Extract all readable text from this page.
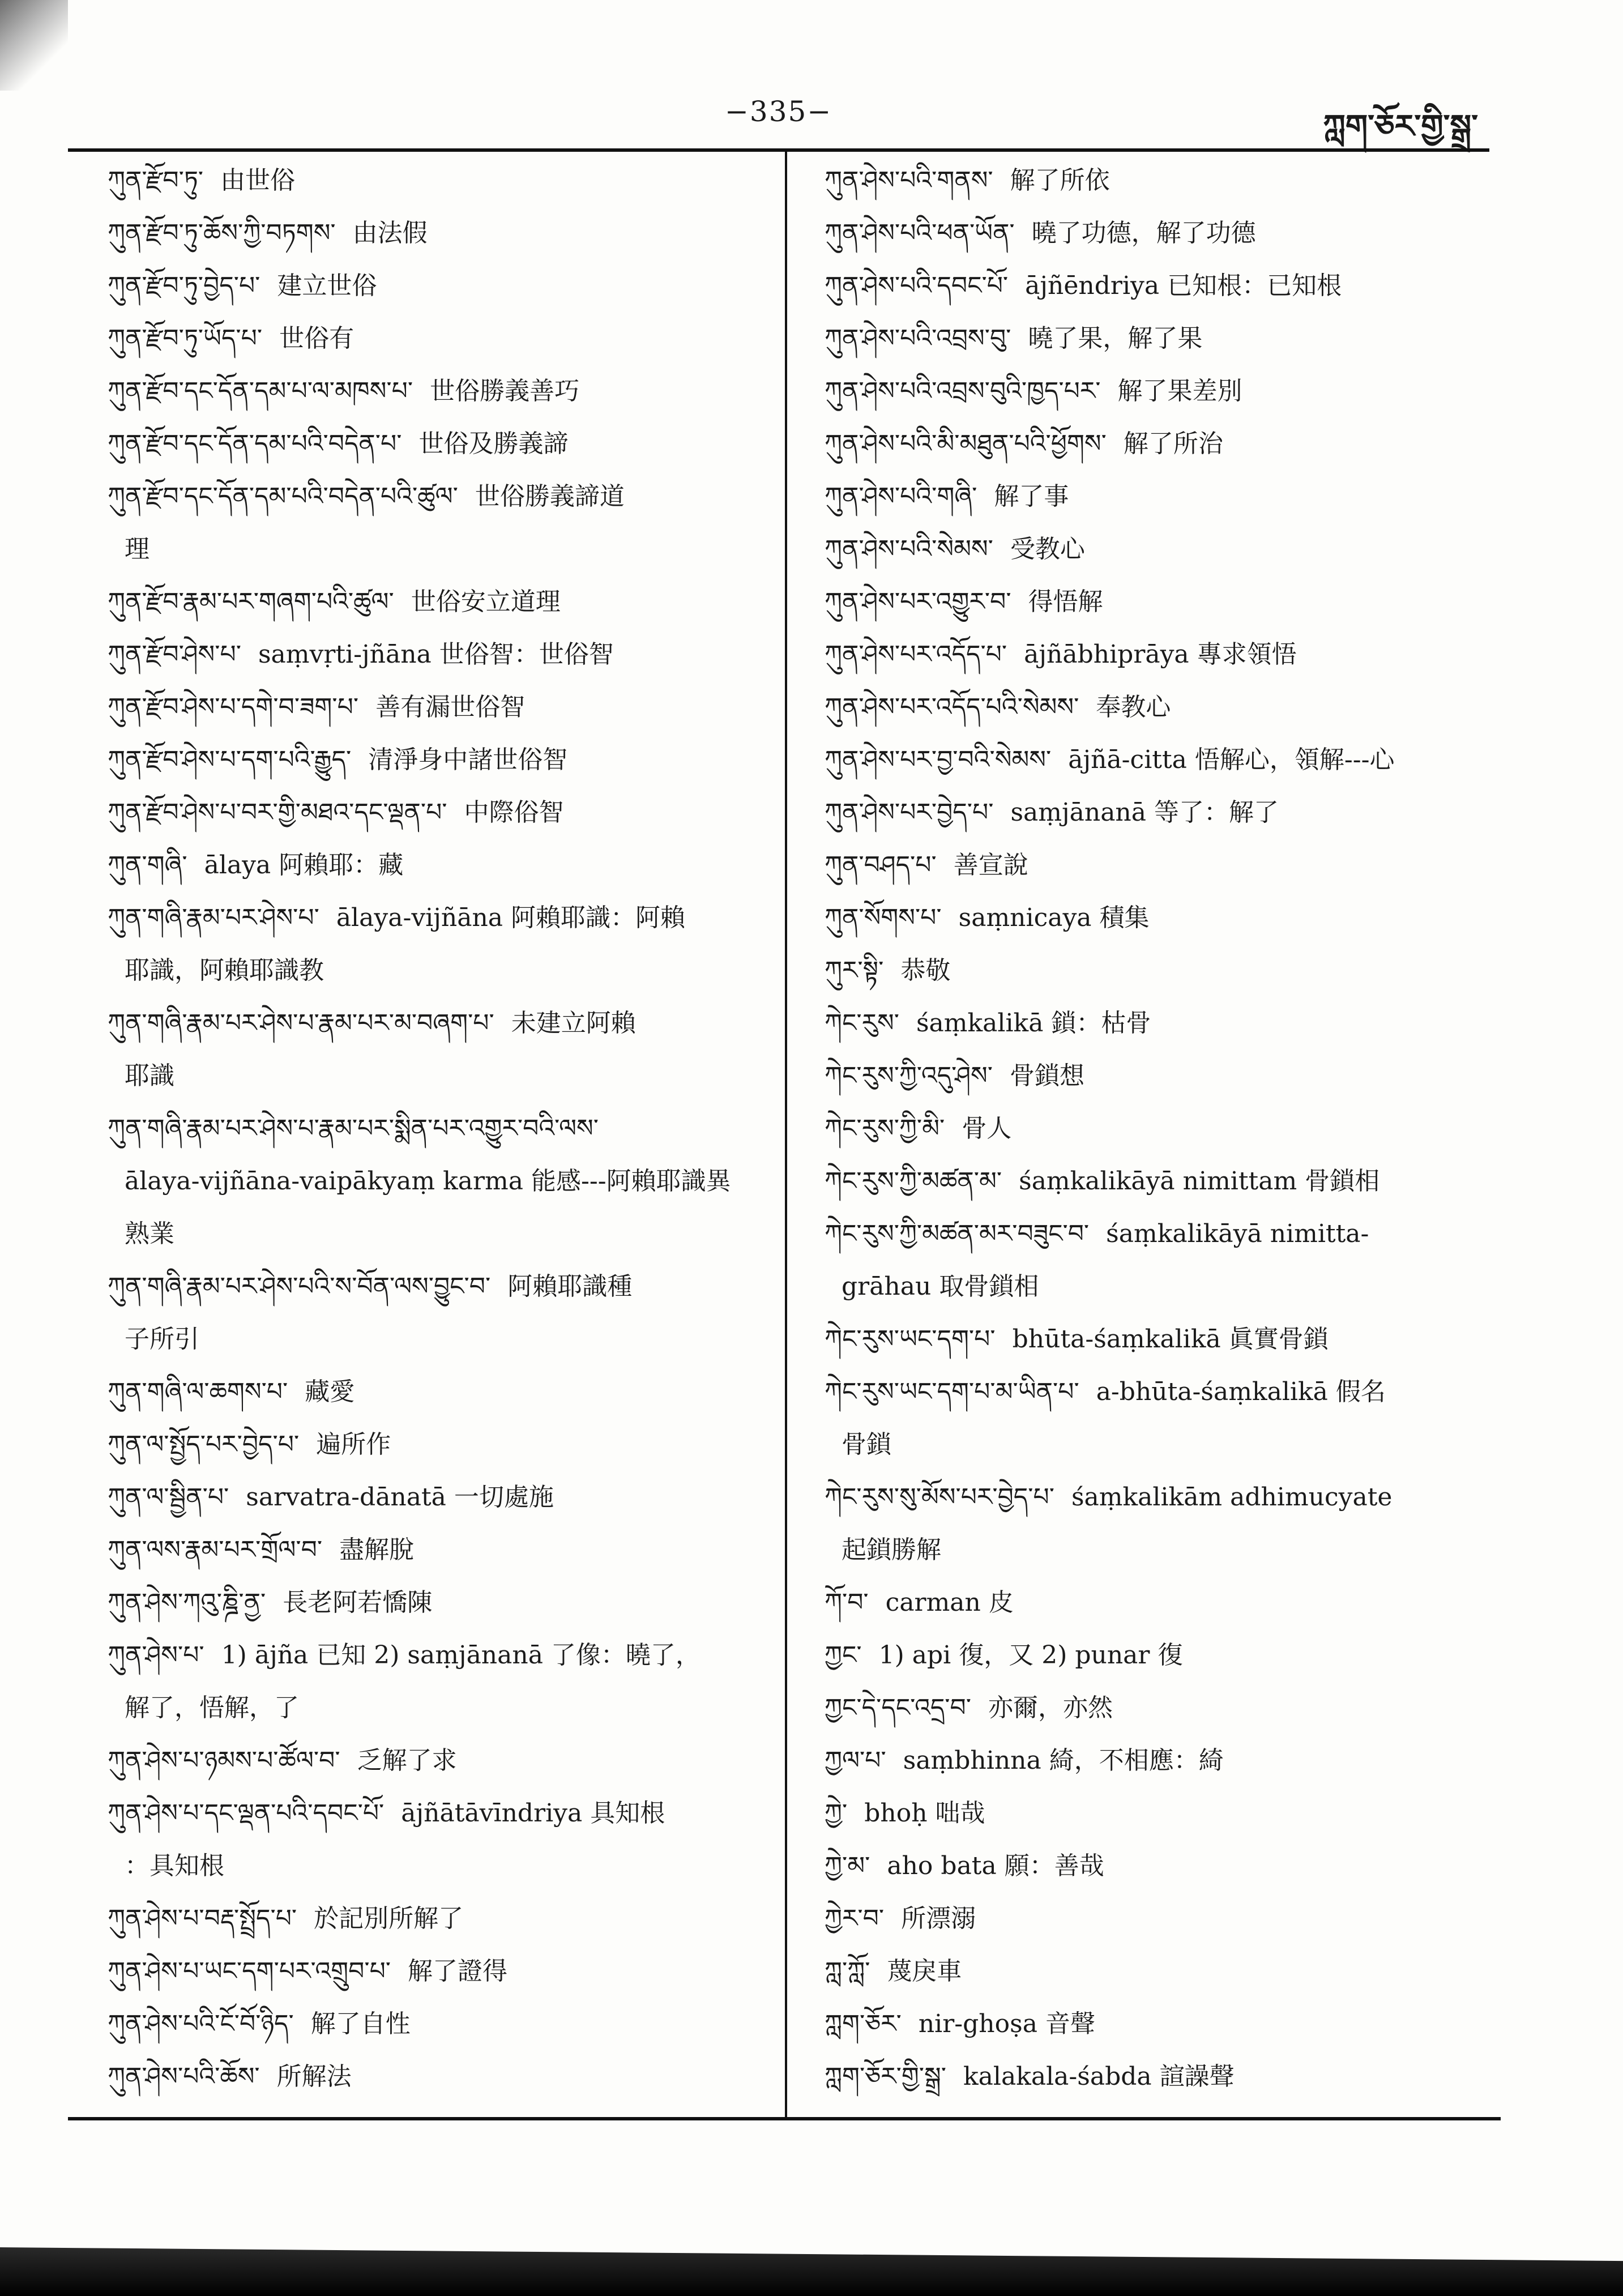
−335−	ཀླག་ཅོར་གྱི་སྒྲ་
ཀུན་རྫོབ་ཏུ་ 由世俗
ཀུན་རྫོབ་ཏུ་ཆོས་ཀྱི་བཏགས་ 由法假
ཀུན་རྫོབ་ཏུ་བྱེད་པ་ 建立世俗
ཀུན་རྫོབ་ཏུ་ཡོད་པ་ 世俗有
ཀུན་རྫོབ་དང་དོན་དམ་པ་ལ་མཁས་པ་ 世俗勝義善巧
ཀུན་རྫོབ་དང་དོན་དམ་པའི་བདེན་པ་ 世俗及勝義諦
ཀུན་རྫོབ་དང་དོན་དམ་པའི་བདེན་པའི་ཚུལ་ 世俗勝義諦道
理
ཀུན་རྫོབ་རྣམ་པར་གཞག་པའི་ཚུལ་ 世俗安立道理
ཀུན་རྫོབ་ཤེས་པ་ saṃvṛti-jñāna 世俗智：世俗智
ཀུན་རྫོབ་ཤེས་པ་དགེ་བ་ཟག་པ་ 善有漏世俗智
ཀུན་རྫོབ་ཤེས་པ་དག་པའི་རྒྱུད་ 清淨身中諸世俗智
ཀུན་རྫོབ་ཤེས་པ་བར་གྱི་མཐའ་དང་ལྡན་པ་ 中際俗智
ཀུན་གཞི་ ālaya 阿賴耶：藏
ཀུན་གཞི་རྣམ་པར་ཤེས་པ་ ālaya-vijñāna 阿賴耶識：阿賴
耶識，阿賴耶識教
ཀུན་གཞི་རྣམ་པར་ཤེས་པ་རྣམ་པར་མ་བཞག་པ་ 未建立阿賴
耶識
ཀུན་གཞི་རྣམ་པར་ཤེས་པ་རྣམ་པར་སྨིན་པར་འགྱུར་བའི་ལས་
ālaya-vijñāna-vaipākyaṃ karma 能感---阿賴耶識異
熟業
ཀུན་གཞི་རྣམ་པར་ཤེས་པའི་ས་བོན་ལས་བྱུང་བ་ 阿賴耶識種
子所引
ཀུན་གཞི་ལ་ཆགས་པ་ 藏愛
ཀུན་ལ་སྤྱོད་པར་བྱེད་པ་ 遍所作
ཀུན་ལ་སྦྱིན་པ་ sarvatra-dānatā 一切處施
ཀུན་ལས་རྣམ་པར་གྲོལ་བ་ 盡解脫
ཀུན་ཤེས་ཀའུ་ཎྜི་ནྱ་ 長老阿若憍陳
ཀུན་ཤེས་པ་ 1) ājña 已知 2) saṃjānanā 了像：曉了，
解了，悟解，了
ཀུན་ཤེས་པ་ཉམས་པ་ཚོལ་བ་ 乏解了求
ཀུན་ཤེས་པ་དང་ལྡན་པའི་དབང་པོ་ ājñātāvīndriya 具知根
：具知根
ཀུན་ཤེས་པ་བརྡ་སྤྲོད་པ་ 於記別所解了
ཀུན་ཤེས་པ་ཡང་དག་པར་འགྲུབ་པ་ 解了證得
ཀུན་ཤེས་པའི་ངོ་བོ་ཉིད་ 解了自性
ཀུན་ཤེས་པའི་ཆོས་ 所解法
ཀུན་ཤེས་པའི་གནས་ 解了所依
ཀུན་ཤེས་པའི་ཕན་ཡོན་ 曉了功德，解了功德
ཀུན་ཤེས་པའི་དབང་པོ་ ājñēndriya 已知根：已知根
ཀུན་ཤེས་པའི་འབྲས་བུ་ 曉了果，解了果
ཀུན་ཤེས་པའི་འབྲས་བུའི་ཁྱད་པར་ 解了果差別
ཀུན་ཤེས་པའི་མི་མཐུན་པའི་ཕྱོགས་ 解了所治
ཀུན་ཤེས་པའི་གཞི་ 解了事
ཀུན་ཤེས་པའི་སེམས་ 受教心
ཀུན་ཤེས་པར་འགྱུར་བ་ 得悟解
ཀུན་ཤེས་པར་འདོད་པ་ ājñābhiprāya 專求領悟
ཀུན་ཤེས་པར་འདོད་པའི་སེམས་ 奉教心
ཀུན་ཤེས་པར་བྱ་བའི་སེམས་ ājñā-citta 悟解心，領解---心
ཀུན་ཤེས་པར་བྱེད་པ་ saṃjānanā 等了：解了
ཀུན་བཤད་པ་ 善宣說
ཀུན་སོགས་པ་ saṃnicaya 積集
ཀུར་སྟི་ 恭敬
ཀེང་རུས་ śaṃkalikā 鎖：枯骨
ཀེང་རུས་ཀྱི་འདུ་ཤེས་ 骨鎖想
ཀེང་རུས་ཀྱི་མི་ 骨人
ཀེང་རུས་ཀྱི་མཚན་མ་ śaṃkalikāyā nimittam 骨鎖相
ཀེང་རུས་ཀྱི་མཚན་མར་བཟུང་བ་ śaṃkalikāyā nimitta-
grāhau 取骨鎖相
ཀེང་རུས་ཡང་དག་པ་ bhūta-śaṃkalikā 眞實骨鎖
ཀེང་རུས་ཡང་དག་པ་མ་ཡིན་པ་ a-bhūta-śaṃkalikā 假名
骨鎖
ཀེང་རུས་སུ་མོས་པར་བྱེད་པ་ śaṃkalikām adhimucyate
起鎖勝解
ཀོ་བ་ carman 皮
ཀྱང་ 1) api 復，又 2) punar 復
ཀྱང་དེ་དང་འདྲ་བ་ 亦爾，亦然
ཀྱལ་པ་ saṃbhinna 綺，不相應：綺
ཀྱེ་ bhoḥ 咄哉
ཀྱེ་མ་ aho bata 願：善哉
ཀྱེར་བ་ 所漂溺
ཀླ་ཀློ་ 蔑戾車
ཀླག་ཅོར་ nir-ghoṣa 音聲
ཀླག་ཅོར་གྱི་སྒྲ་ kalakala-śabda 諠譟聲
